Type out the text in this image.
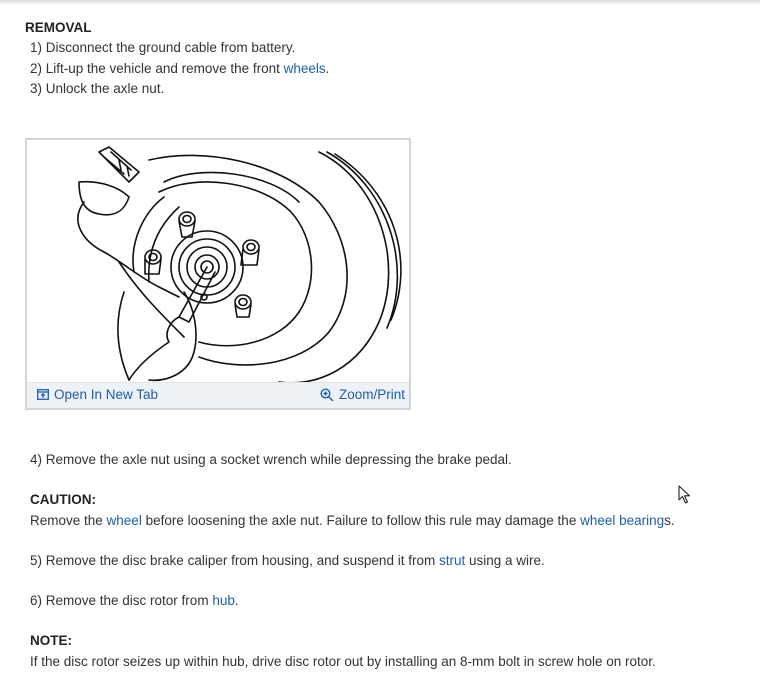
REMOVAL
1) Disconnect the ground cable from battery.
2) Lift-up the vehicle and remove the front wheels.
3) Unlock the axle nut.
Open In New Tab	Zoom/Print
4) Remove the axle nut using a socket wrench while depressing the brake pedal.
CAUTION:
Remove the wheel before loosening the axle nut. Failure to follow this rule may damage the wheel bearings.
5) Remove the disc brake caliper from housing, and suspend it from strut using a wire.
6) Remove the disc rotor from hub.
NOTE:
If the disc rotor seizes up within hub, drive disc rotor out by installing an 8-mm bolt in screw hole on rotor.
